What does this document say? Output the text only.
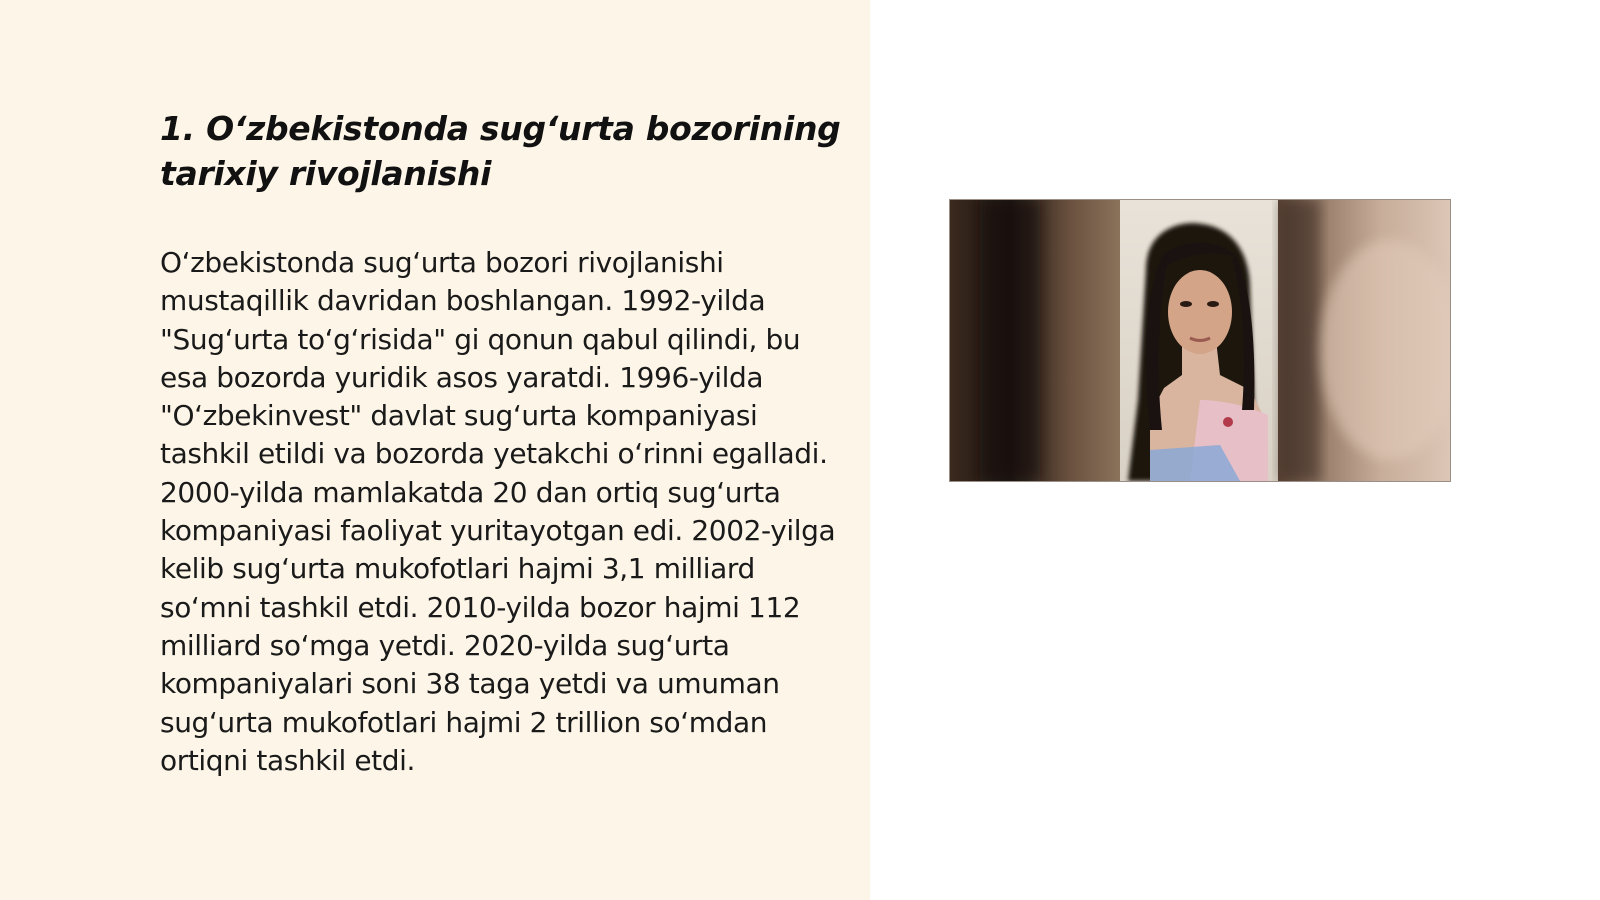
1. O‘zbekistonda sug‘urta bozorining tarixiy rivojlanishi

O‘zbekistonda sug‘urta bozori rivojlanishi mustaqillik davridan boshlangan. 1992-yilda "Sug‘urta to‘g‘risida" gi qonun qabul qilindi, bu esa bozorda yuridik asos yaratdi. 1996-yilda "O‘zbekinvest" davlat sug‘urta kompaniyasi tashkil etildi va bozorda yetakchi o‘rinni egalladi. 2000-yilda mamlakatda 20 dan ortiq sug‘urta kompaniyasi faoliyat yuritayotgan edi. 2002-yilga kelib sug‘urta mukofotlari hajmi 3,1 milliard so‘mni tashkil etdi. 2010-yilda bozor hajmi 112 milliard so‘mga yetdi. 2020-yilda sug‘urta kompaniyalari soni 38 taga yetdi va umuman sug‘urta mukofotlari hajmi 2 trillion so‘mdan ortiqni tashkil etdi.
